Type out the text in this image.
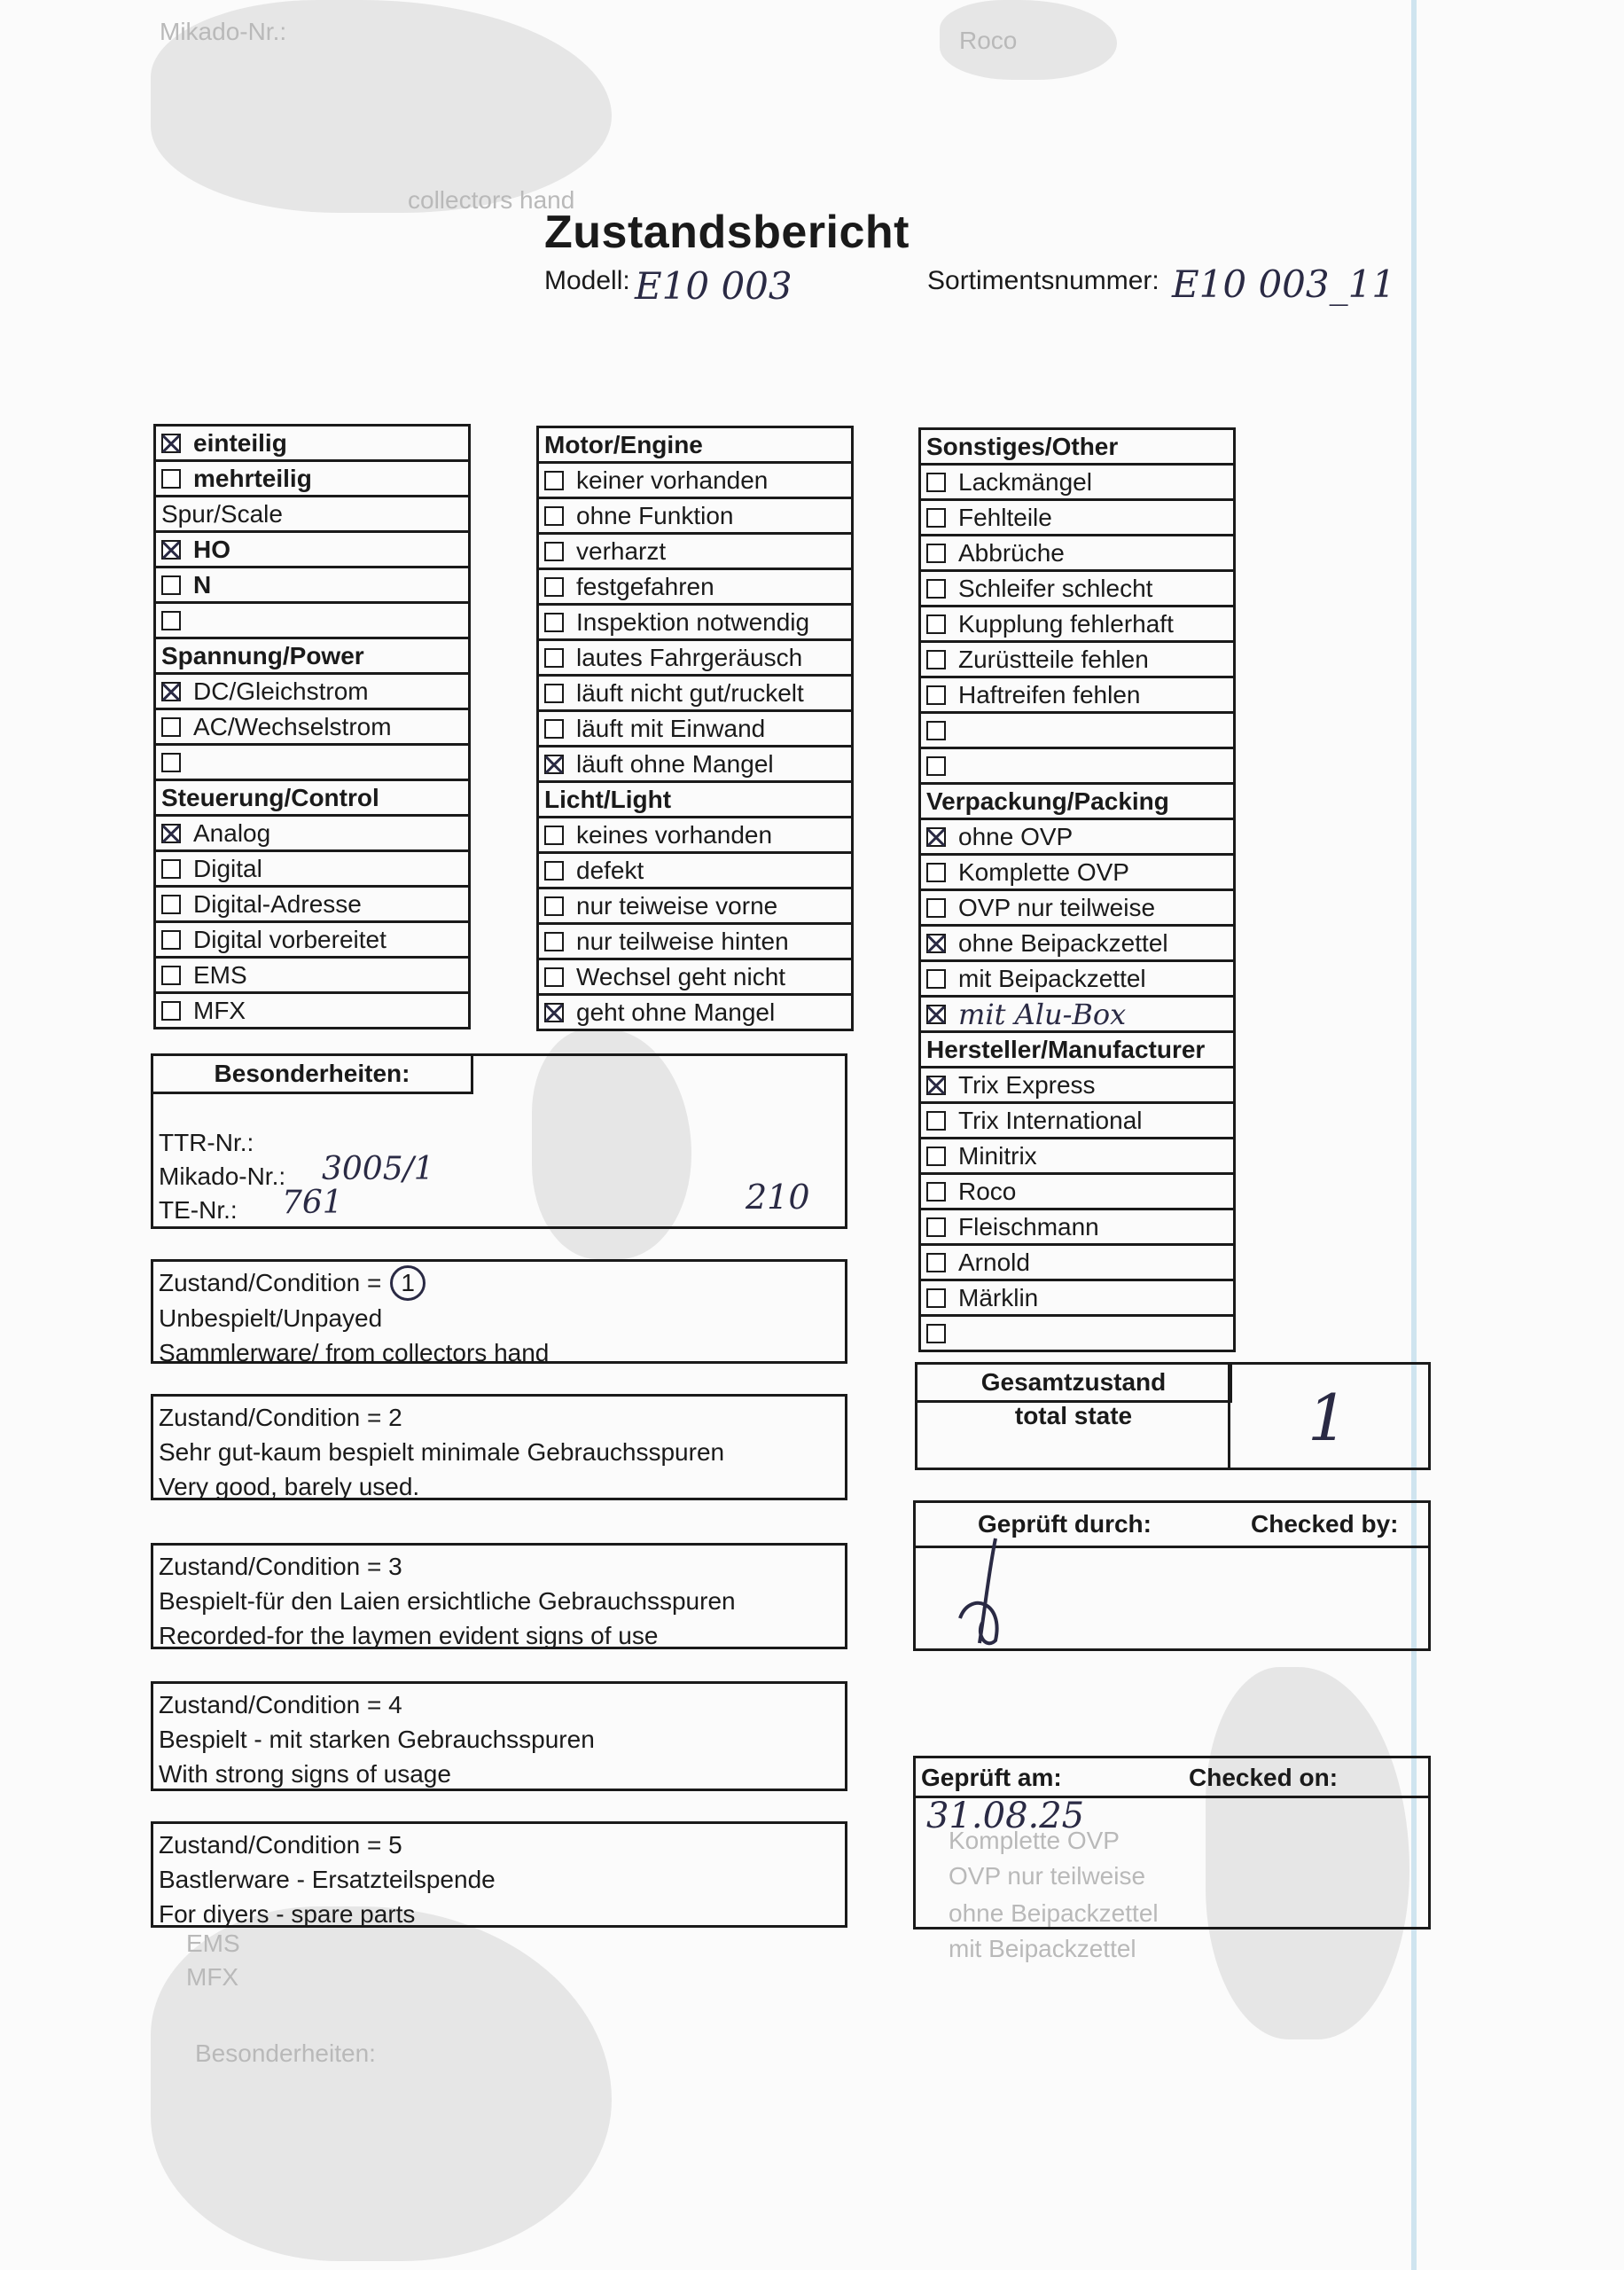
Zustandsbericht
Modell: E10 003	Sortimentsnummer: E10 003_11
einteilig
mehrteilig
Spur/Scale
HO
N
Spannung/Power
DC/Gleichstrom
AC/Wechselstrom
Steuerung/Control
Analog
Digital
Digital-Adresse
Digital vorbereitet
EMS
MFX
Motor/Engine
keiner vorhanden
ohne Funktion
verharzt
festgefahren
Inspektion notwendig
lautes Fahrgeräusch
läuft nicht gut/ruckelt
läuft mit Einwand
läuft ohne Mangel
Licht/Light
keines vorhanden
defekt
nur teiweise vorne
nur teilweise hinten
Wechsel geht nicht
geht ohne Mangel
Sonstiges/Other
Lackmängel
Fehlteile
Abbrüche
Schleifer schlecht
Kupplung fehlerhaft
Zurüstteile fehlen
Haftreifen fehlen
Verpackung/Packing
ohne OVP
Komplette OVP
OVP nur teilweise
ohne Beipackzettel
mit Beipackzettel
mit Alu-Box
Hersteller/Manufacturer
Trix Express
Trix International
Minitrix
Roco
Fleischmann
Arnold
Märklin
Besonderheiten:
TTR-Nr.:
Mikado-Nr.: 3005/1
TE-Nr.: 761	210
Zustand/Condition = 1
Unbespielt/Unpayed
Sammlerware/ from collectors hand
Zustand/Condition = 2
Sehr gut-kaum bespielt minimale Gebrauchsspuren
Very good, barely used.
Zustand/Condition = 3
Bespielt-für den Laien ersichtliche Gebrauchsspuren
Recorded-for the laymen evident signs of use
Zustand/Condition = 4
Bespielt - mit starken Gebrauchsspuren
With strong signs of usage
Zustand/Condition = 5
Bastlerware - Ersatzteilspende
For diyers - spare parts
Gesamtzustand
total state	1
Geprüft durch:	Checked by:
Geprüft am:	Checked on:
31.08.25
Mikado-Nr.:	Roco
collectors hand
Komplette OVP
OVP nur teilweise
ohne Beipackzettel
mit Beipackzettel
EMS
MFX
Besonderheiten:
